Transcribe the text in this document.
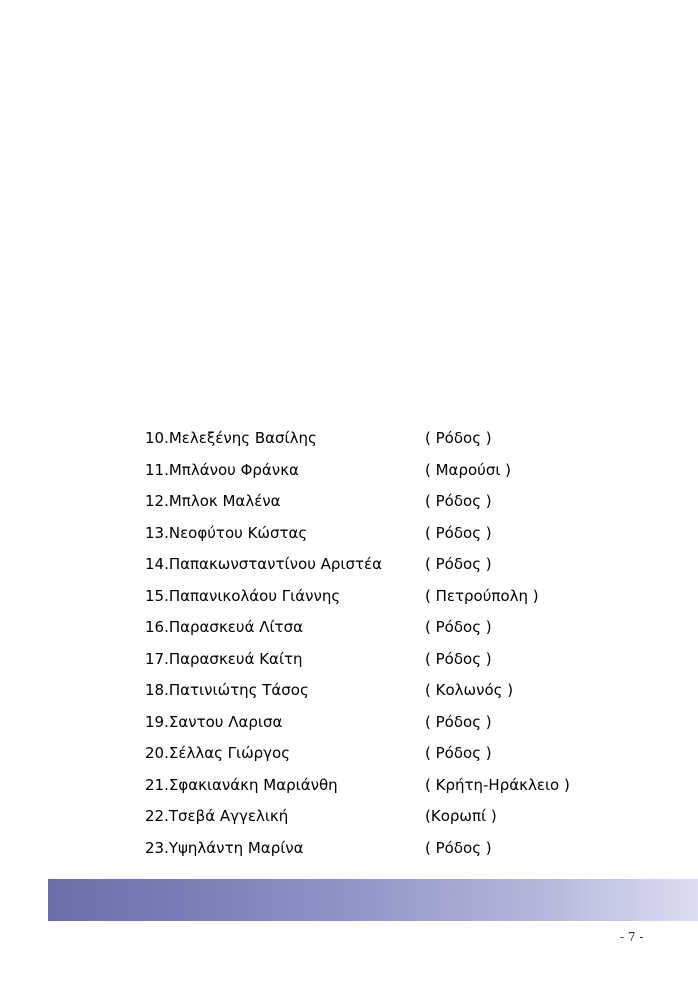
10.Μελεξένης Βασίλης	( Ρόδος )
11.Μπλάνου Φράνκα	( Μαρούσι )
12.Μπλοκ Μαλένα	( Ρόδος )
13.Νεοφύτου Κώστας	( Ρόδος )
14.Παπακωνσταντίνου Αριστέα	( Ρόδος )
15.Παπανικολάου Γιάννης	( Πετρούπολη )
16.Παρασκευά Λίτσα	( Ρόδος )
17.Παρασκευά Καίτη	( Ρόδος )
18.Πατινιώτης Τάσος	( Κολωνός )
19.Σαντου Λαρισα	( Ρόδος )
20.Σέλλας Γιώργος	( Ρόδος )
21.Σφακιανάκη Μαριάνθη	( Κρήτη-Ηράκλειο )
22.Τσεβά Αγγελική	(Κορωπί )
23.Υψηλάντη Μαρίνα	( Ρόδος )
- 7 -
